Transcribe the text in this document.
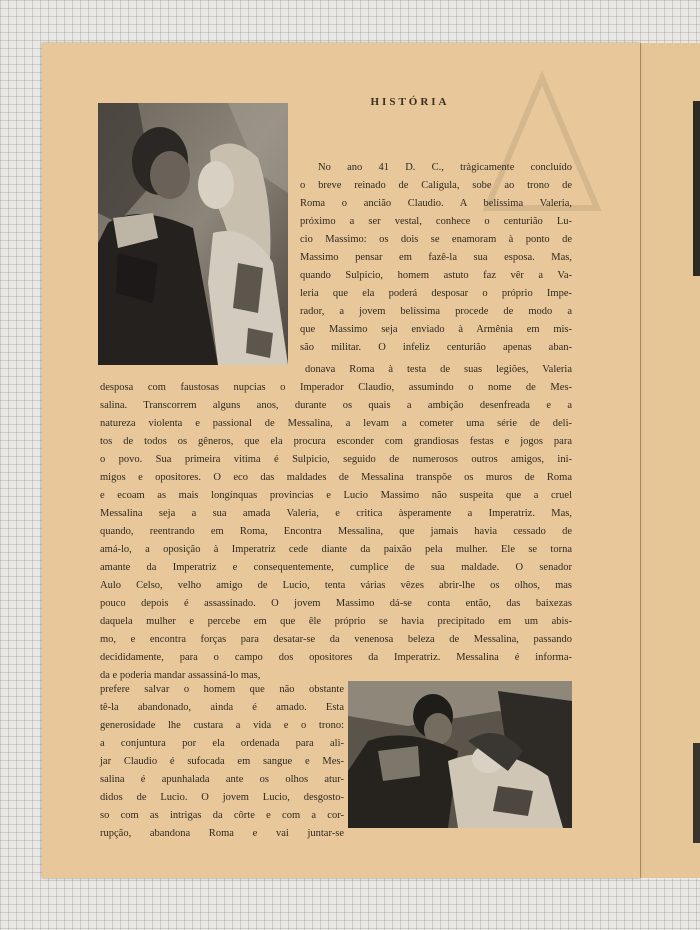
HISTÓRIA
No ano 41 D. C., tràgicamente concluído
o breve reinado de Calígula, sobe ao trono de
Roma o ancião Claudio. A belíssima Valeria,
próximo a ser vestal, conhece o centurião Lu-
cio Massimo: os dois se enamoram à ponto de
Massimo pensar em fazê-la sua esposa. Mas,
quando Sulpicio, homem astuto faz vêr a Va-
leria que ela poderá desposar o próprio Impe-
rador, a jovem belíssima procede de modo a
que Massimo seja enviado à Armênia em mis-
são militar. O infeliz centurião apenas aban-
donava Roma à testa de suas legiões, Valeria
desposa com faustosas nupcias o Imperador Claudio, assumindo o nome de Mes-
salina. Transcorrem alguns anos, durante os quais a ambição desenfreada e a
natureza violenta e passional de Messalina, a levam a cometer uma série de deli-
tos de todos os gêneros, que ela procura esconder com grandiosas festas e jogos para
o povo. Sua primeira vitima é Sulpicio, seguido de numerosos outros amigos, ini-
migos e opositores. O eco das maldades de Messalina transpõe os muros de Roma
e ecoam as mais longínquas provincias e Lucio Massimo não suspeita que a cruel
Messalina seja a sua amada Valeria, e critica àsperamente a Imperatriz. Mas,
quando, reentrando em Roma, Encontra Messalina, que jamais havia cessado de
amá-lo, a oposição à Imperatriz cede diante da paixão pela mulher. Ele se torna
amante da Imperatriz e consequentemente, cumplice de sua maldade. O senador
Aulo Celso, velho amigo de Lucio, tenta várias vêzes abrir-lhe os olhos, mas
pouco depois é assassinado. O jovem Massimo dá-se conta então, das baixezas
daquela mulher e percebe em que êle próprio se havia precipitado em um abis-
mo, e encontra forças para desatar-se da venenosa beleza de Messalina, passando
decididamente, para o campo dos opositores da Imperatriz. Messalina é informa-
da e poderia mandar assassiná-lo mas,
prefere salvar o homem que não obstante
tê-la abandonado, ainda é amado. Esta
generosidade lhe custara a vida e o trono:
a conjuntura por ela ordenada para ali-
jar Claudio é sufocada em sangue e Mes-
salina é apunhalada ante os olhos atur-
didos de Lucio. O jovem Lucio, desgosto-
so com as intrigas da côrte e com a cor-
rupção, abandona Roma e vai juntar-se
